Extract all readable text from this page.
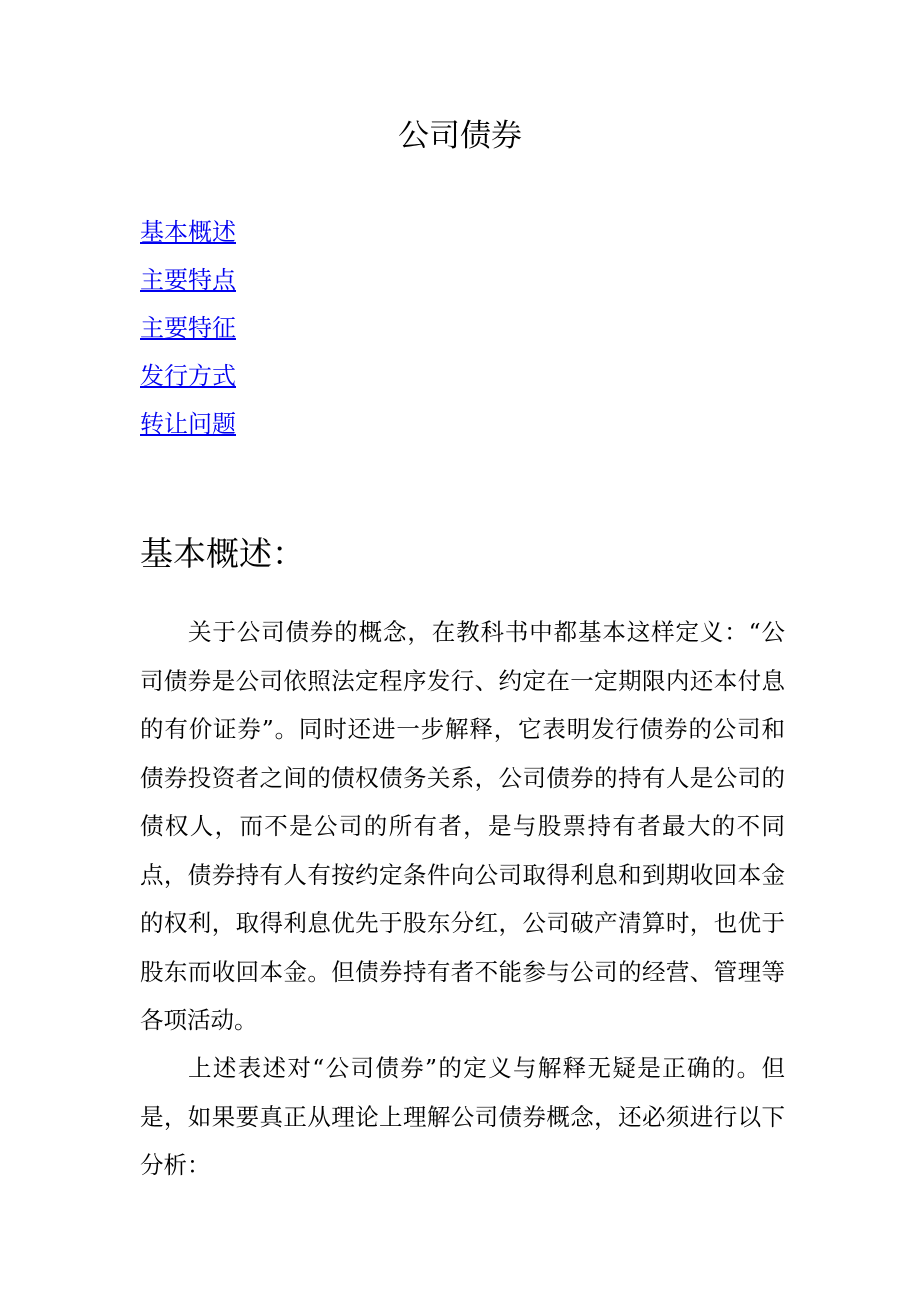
公司债券
基本概述
主要特点
主要特征
发行方式
转让问题
基本概述：

关于公司债券的概念，在教科书中都基本这样定义：“公司债券是公司依照法定程序发行、约定在一定期限内还本付息的有价证券”。同时还进一步解释，它表明发行债券的公司和债券投资者之间的债权债务关系，公司债券的持有人是公司的债权人，而不是公司的所有者，是与股票持有者最大的不同点，债券持有人有按约定条件向公司取得利息和到期收回本金的权利，取得利息优先于股东分红，公司破产清算时，也优于股东而收回本金。但债券持有者不能参与公司的经营、管理等各项活动。

上述表述对“公司债券”的定义与解释无疑是正确的。但是，如果要真正从理论上理解公司债券概念，还必须进行以下分析：
